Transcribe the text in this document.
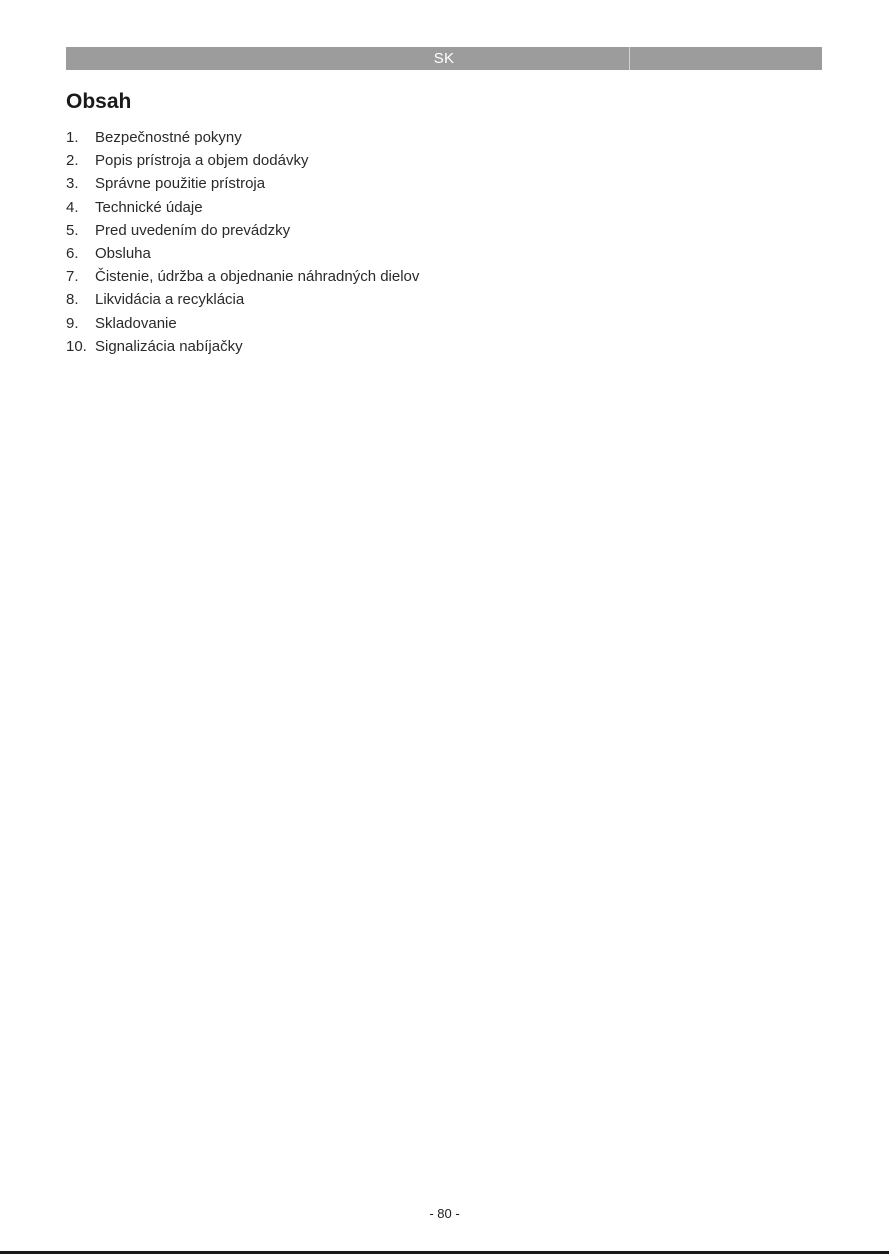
SK
Obsah
1. Bezpečnostné pokyny
2. Popis prístroja a objem dodávky
3. Správne použitie prístroja
4. Technické údaje
5. Pred uvedením do prevádzky
6. Obsluha
7. Čistenie, údržba a objednanie náhradných dielov
8. Likvidácia a recyklácia
9. Skladovanie
10. Signalizácia nabíjačky
- 80 -
